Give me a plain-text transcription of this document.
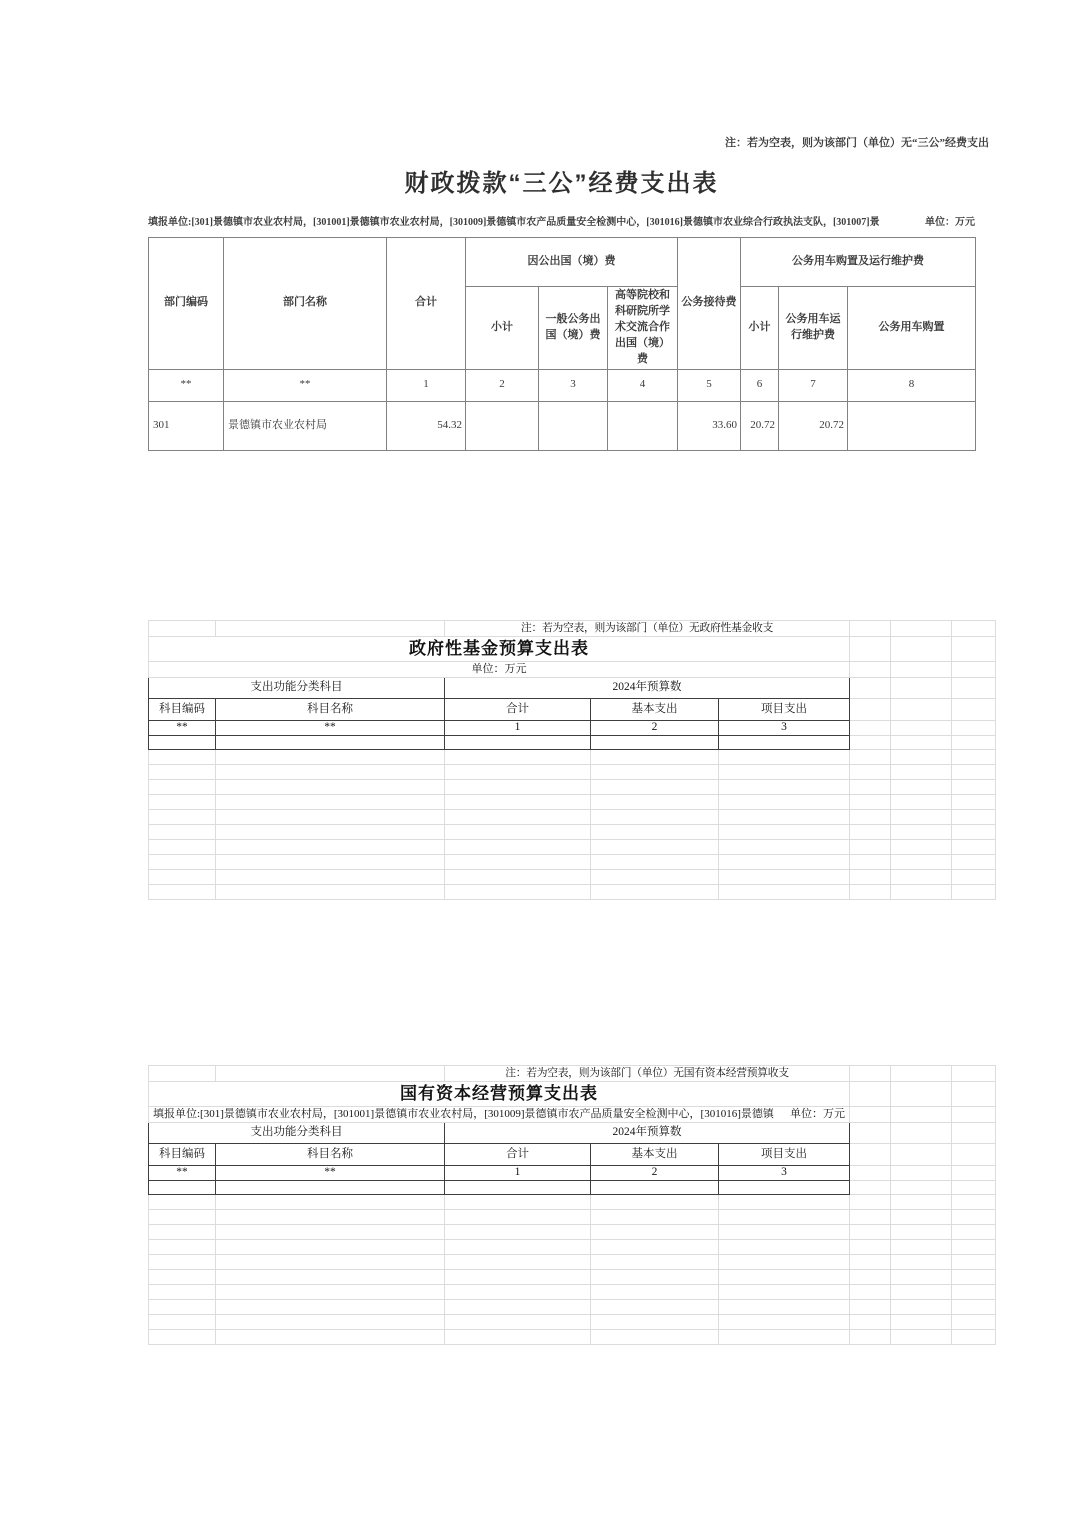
注：若为空表，则为该部门（单位）无“三公”经费支出
财政拨款“三公”经费支出表
填报单位:[301]景德镇市农业农村局，[301001]景德镇市农业农村局，[301009]景德镇市农产品质量安全检测中心，[301016]景德镇市农业综合行政执法支队，[301007]景	单位：万元
部门编码	部门名称	合计	因公出国（境）费			公务接待费	公务用车购置及运行维护费		
			小计	一般公务出国（境）费	高等院校和科研院所学术交流合作出国（境）费		小计	公务用车运行维护费	公务用车购置
**	**	1	2	3	4	5	6	7	8
301	景德镇市农业农村局	54.32				33.60	20.72	20.72	
		注：若为空表，则为该部门（单位）无政府性基金收支					
政府性基金预算支出表							
单位：万元							
支出功能分类科目		2024年预算数					
科目编码	科目名称	合计	基本支出	项目支出			
**	**	1	2	3			

		注：若为空表，则为该部门（单位）无国有资本经营预算收支					
国有资本经营预算支出表							

填报单位:[301]景德镇市农业农村局，[301001]景德镇市农业农村局，[301009]景德镇市农产品质量安全检测中心，[301016]景德镇 单位：万元							

支出功能分类科目		2024年预算数					
科目编码	科目名称	合计	基本支出	项目支出			
**	**	1	2	3			
